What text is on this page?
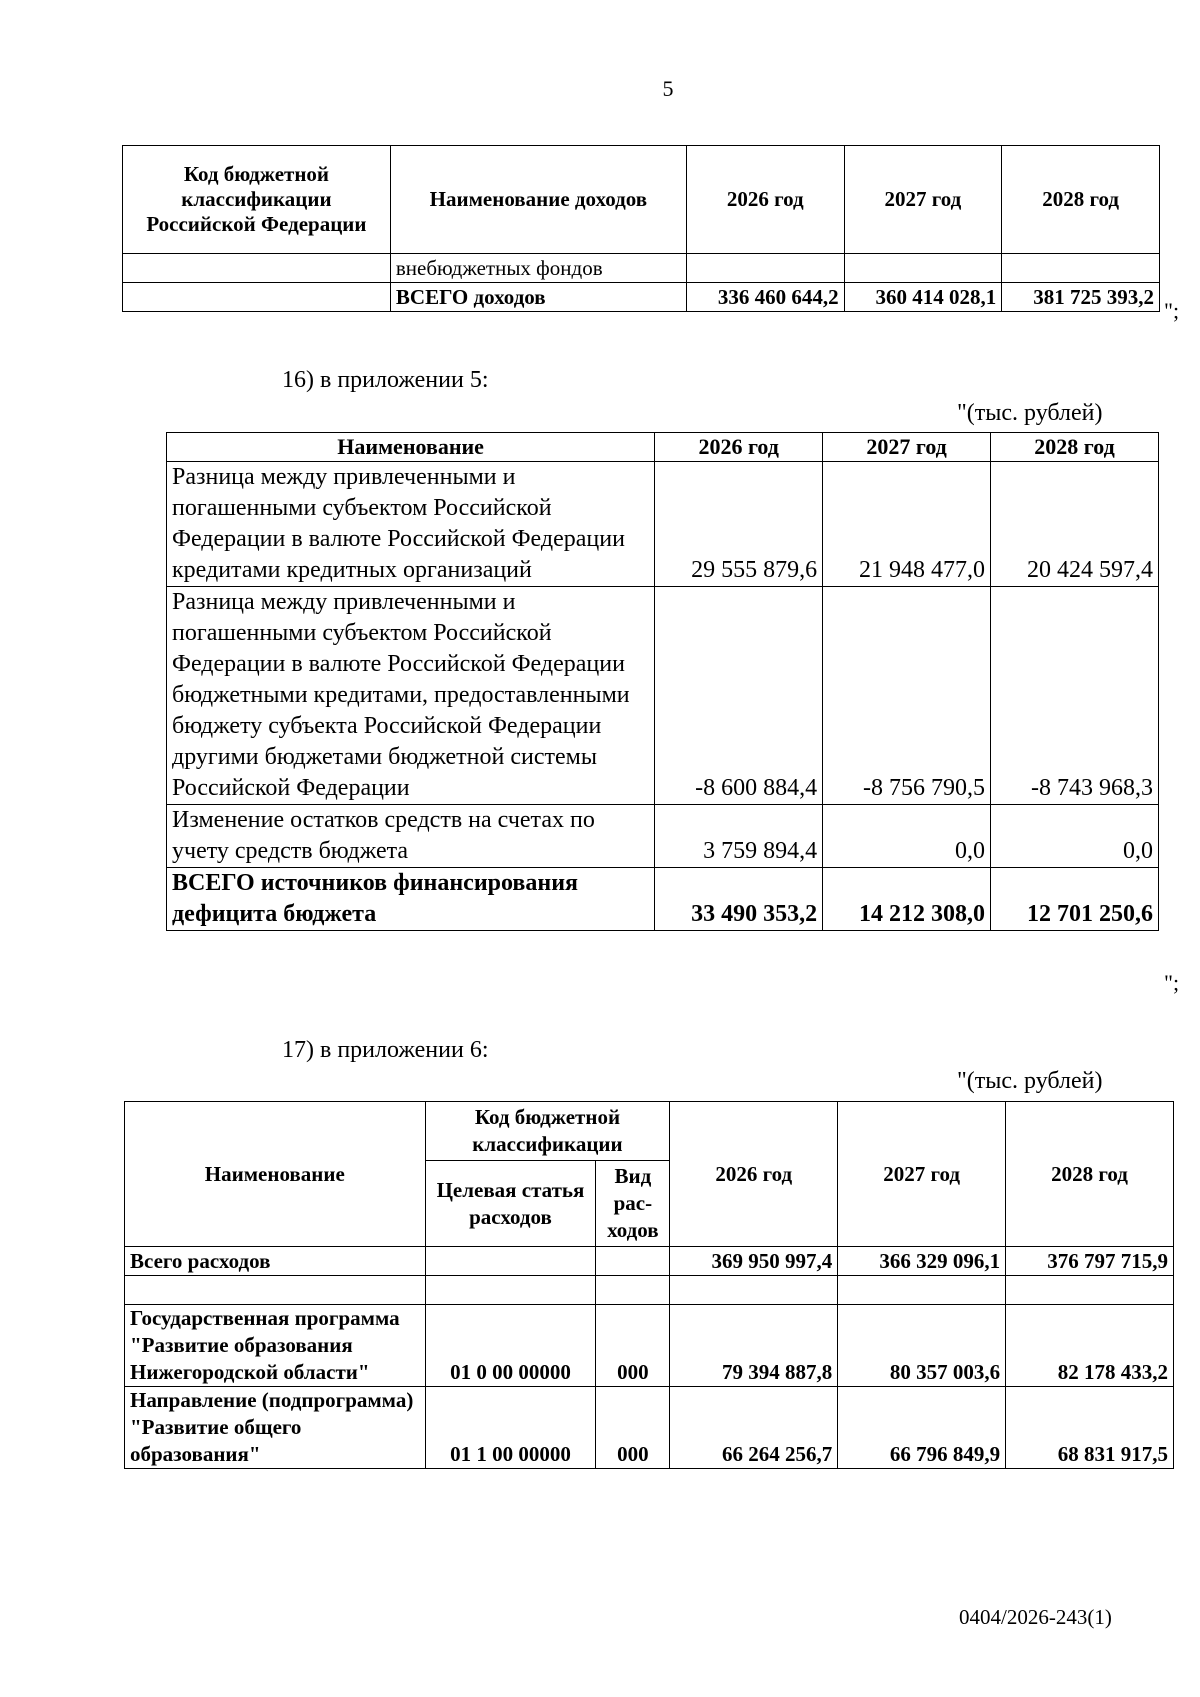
5
Код бюджетной классификации Российской Федерации	Наименование доходов	2026 год	2027 год	2028 год
	внебюджетных фондов			
	ВСЕГО доходов	336 460 644,2	360 414 028,1	381 725 393,2
";
16) в приложении 5:
"(тыс. рублей)
Наименование	2026 год	2027 год	2028 год
Разница между привлеченными и погашенными субъектом Российской Федерации в валюте Российской Федерации кредитами кредитных организаций	29 555 879,6	21 948 477,0	20 424 597,4
Разница между привлеченными и погашенными субъектом Российской Федерации в валюте Российской Федерации бюджетными кредитами, предоставленными бюджету субъекта Российской Федерации другими бюджетами бюджетной системы Российской Федерации	-8 600 884,4	-8 756 790,5	-8 743 968,3
Изменение остатков средств на счетах по учету средств бюджета	3 759 894,4	0,0	0,0
ВСЕГО источников финансирования дефицита бюджета	33 490 353,2	14 212 308,0	12 701 250,6
";
17) в приложении 6:
"(тыс. рублей)
Наименование	Код бюджетной классификации		2026 год	2027 год	2028 год
	Целевая статья расходов	Вид рас-ходов			
Всего расходов			369 950 997,4	366 329 096,1	376 797 715,9

Государственная программа "Развитие образования Нижегородской области"	01 0 00 00000	000	79 394 887,8	80 357 003,6	82 178 433,2
Направление (подпрограмма) "Развитие общего образования"	01 1 00 00000	000	66 264 256,7	66 796 849,9	68 831 917,5
0404/2026-243(1)
